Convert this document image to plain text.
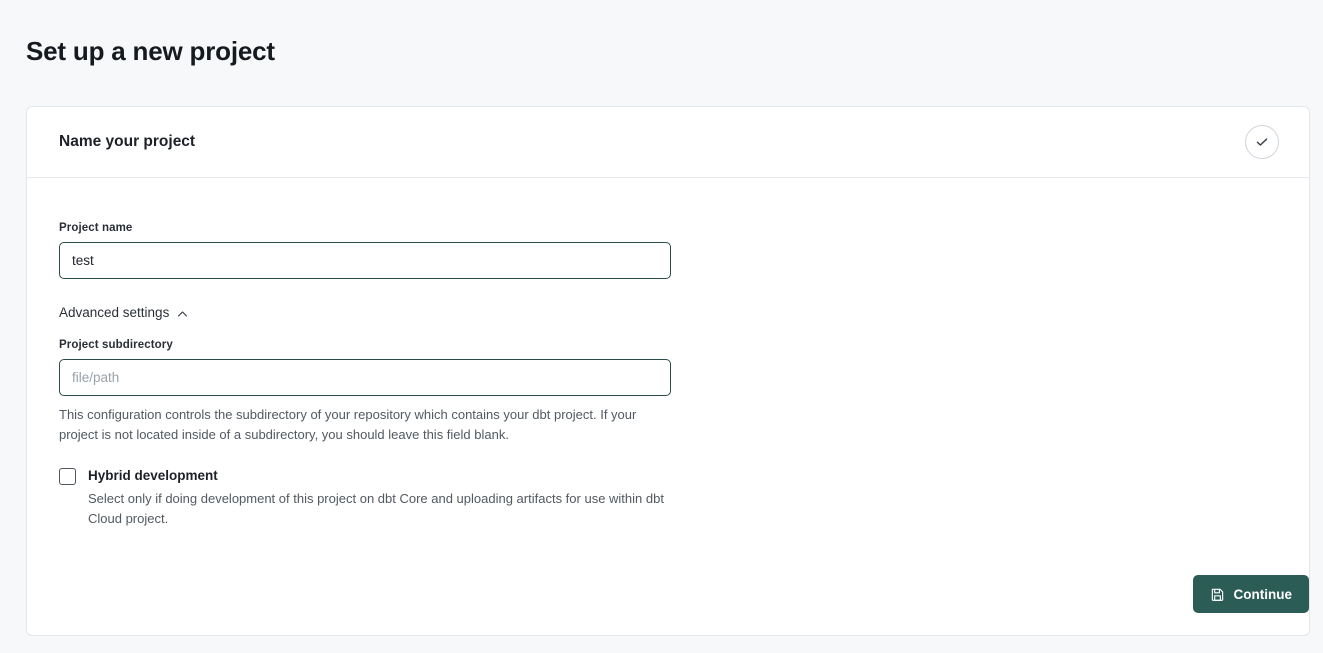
Set up a new project
Name your project
Project name
test
Advanced settings
Project subdirectory
file/path
This configuration controls the subdirectory of your repository which contains your dbt project. If your project is not located inside of a subdirectory, you should leave this field blank.
Hybrid development
Select only if doing development of this project on dbt Core and uploading artifacts for use within dbt Cloud project.
Continue
